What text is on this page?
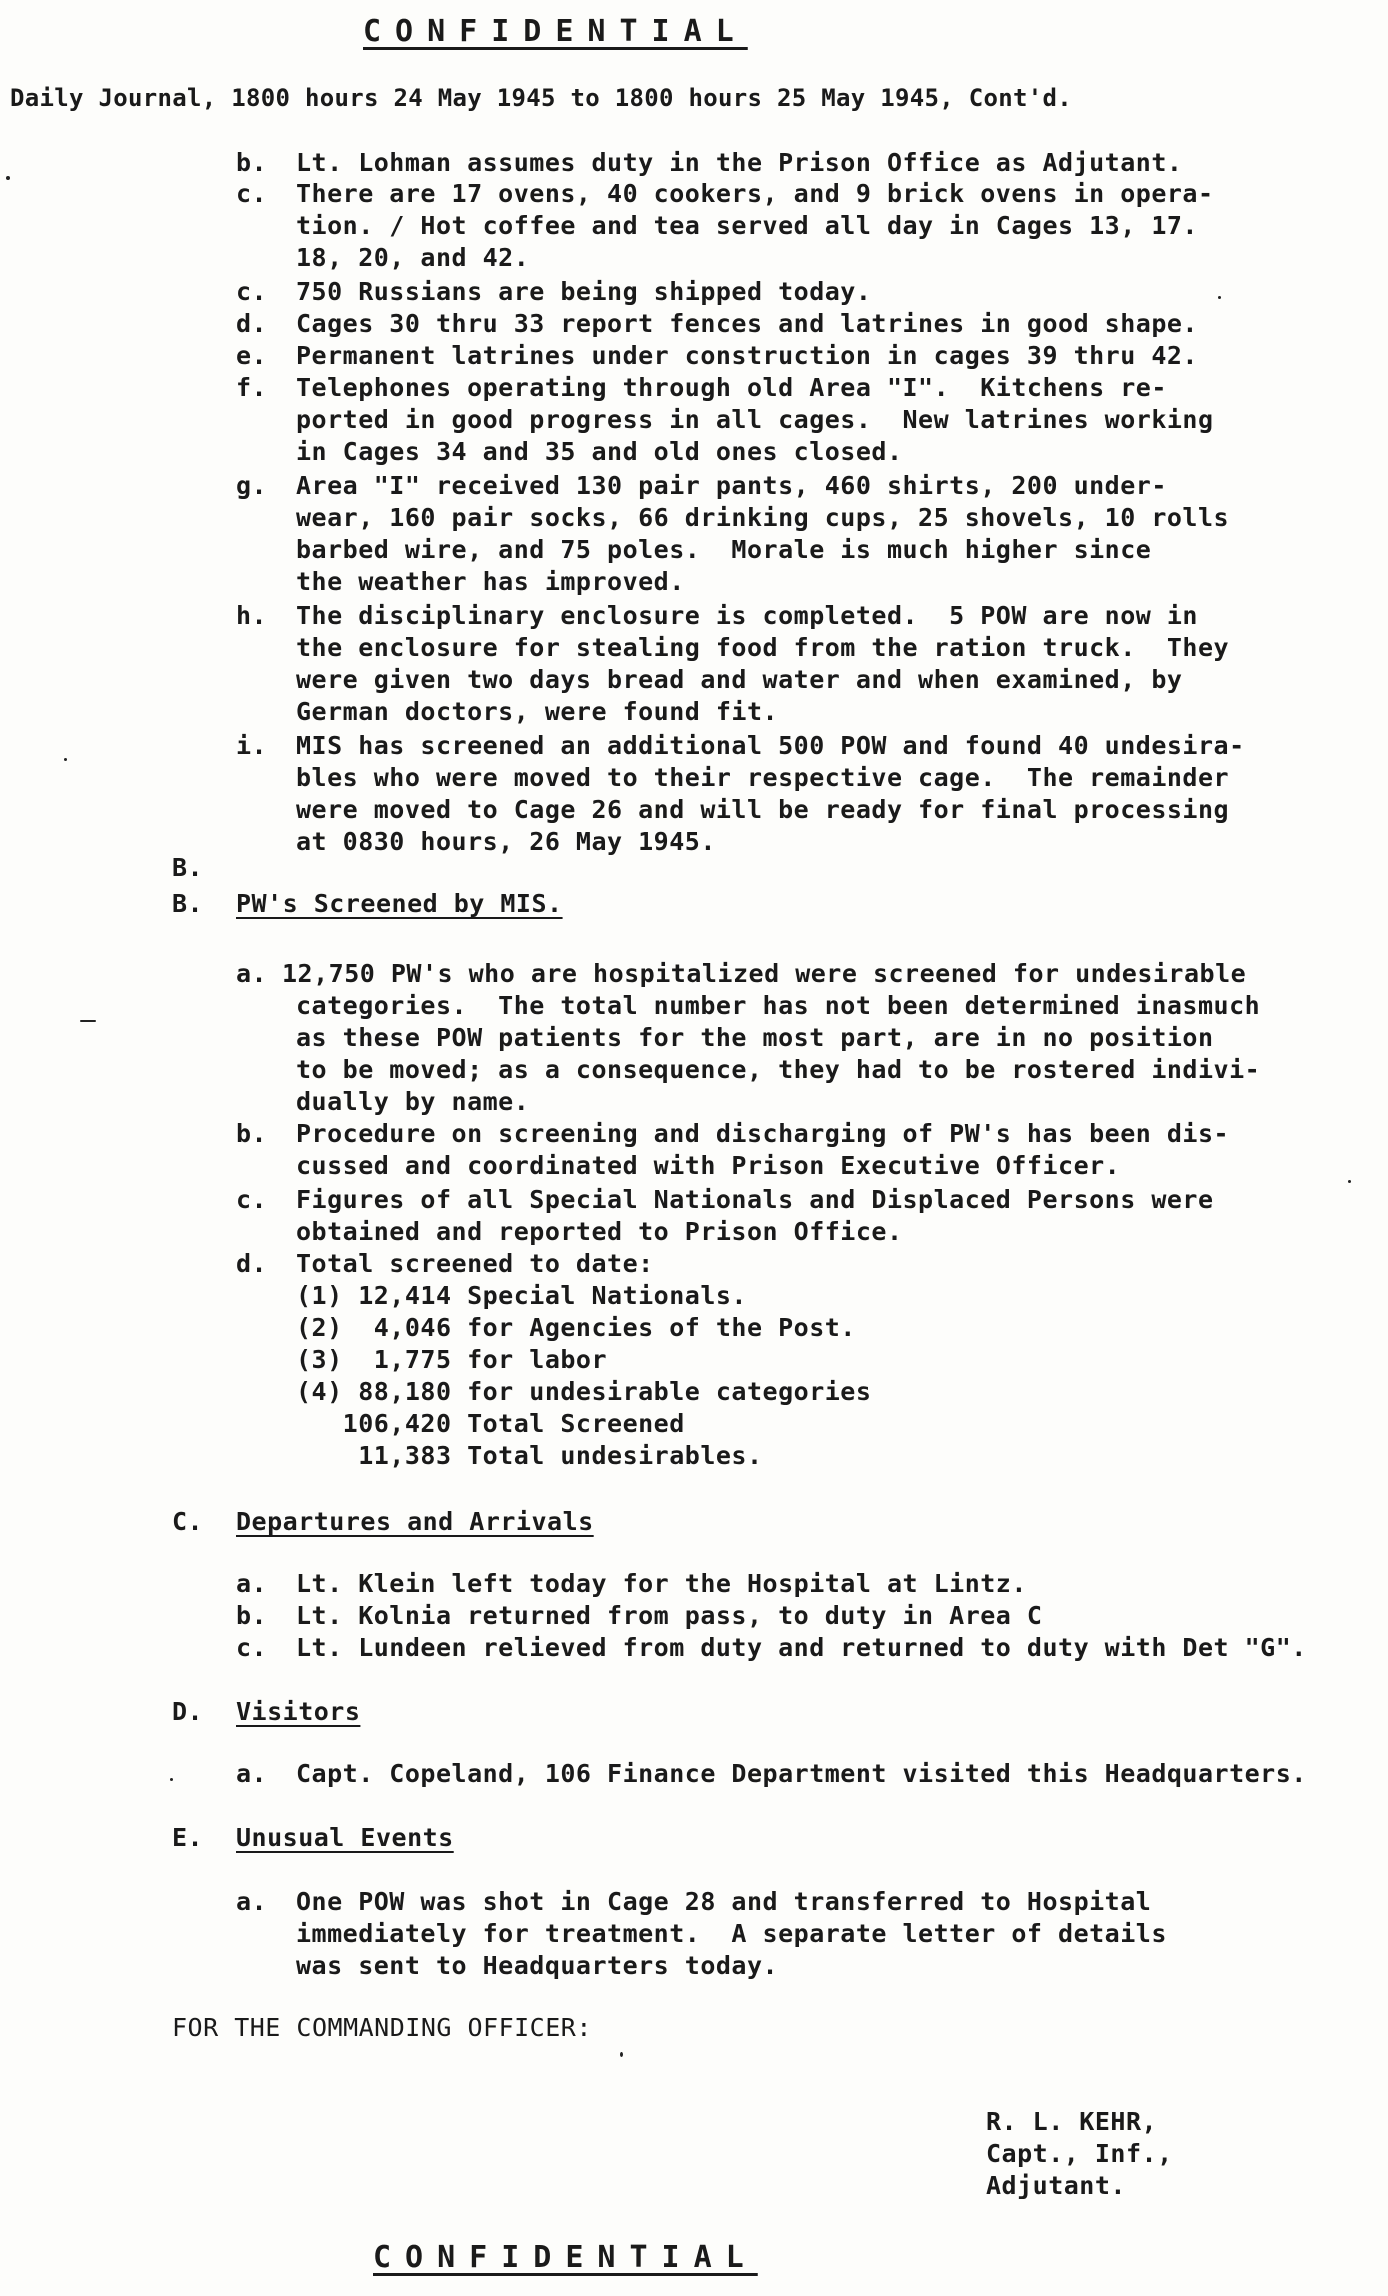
CONFIDENTIAL
Daily Journal, 1800 hours 24 May 1945 to 1800 hours 25 May 1945, Cont'd.
b. Lt. Lohman assumes duty in the Prison Office as Adjutant.
c. There are 17 ovens, 40 cookers, and 9 brick ovens in opera-
tion. / Hot coffee and tea served all day in Cages 13, 17.
18, 20, and 42.
c. 750 Russians are being shipped today.
d. Cages 30 thru 33 report fences and latrines in good shape.
e. Permanent latrines under construction in cages 39 thru 42.
f. Telephones operating through old Area "I".  Kitchens re-
ported in good progress in all cages.  New latrines working
in Cages 34 and 35 and old ones closed.
g. Area "I" received 130 pair pants, 460 shirts, 200 under-
wear, 160 pair socks, 66 drinking cups, 25 shovels, 10 rolls
barbed wire, and 75 poles.  Morale is much higher since
the weather has improved.
h. The disciplinary enclosure is completed.  5 POW are now in
the enclosure for stealing food from the ration truck.  They
were given two days bread and water and when examined, by
German doctors, were found fit.
i. MIS has screened an additional 500 POW and found 40 undesira-
bles who were moved to their respective cage.  The remainder
were moved to Cage 26 and will be ready for final processing
at 0830 hours, 26 May 1945.
B.
B. PW's Screened by MIS.
a. 12,750 PW's who are hospitalized were screened for undesirable
categories.  The total number has not been determined inasmuch
as these POW patients for the most part, are in no position
to be moved; as a consequence, they had to be rostered indivi-
dually by name.
b. Procedure on screening and discharging of PW's has been dis-
cussed and coordinated with Prison Executive Officer.
c. Figures of all Special Nationals and Displaced Persons were
obtained and reported to Prison Office.
d. Total screened to date:
(1) 12,414 Special Nationals.
(2)  4,046 for Agencies of the Post.
(3)  1,775 for labor
(4) 88,180 for undesirable categories
106,420 Total Screened
11,383 Total undesirables.
C. Departures and Arrivals
a. Lt. Klein left today for the Hospital at Lintz.
b. Lt. Kolnia returned from pass, to duty in Area C
c. Lt. Lundeen relieved from duty and returned to duty with Det "G".
D. Visitors
a. Capt. Copeland, 106 Finance Department visited this Headquarters.
E. Unusual Events
a. One POW was shot in Cage 28 and transferred to Hospital
immediately for treatment.  A separate letter of details
was sent to Headquarters today.
FOR THE COMMANDING OFFICER:
R. L. KEHR,
Capt., Inf.,
Adjutant.
CONFIDENTIAL
